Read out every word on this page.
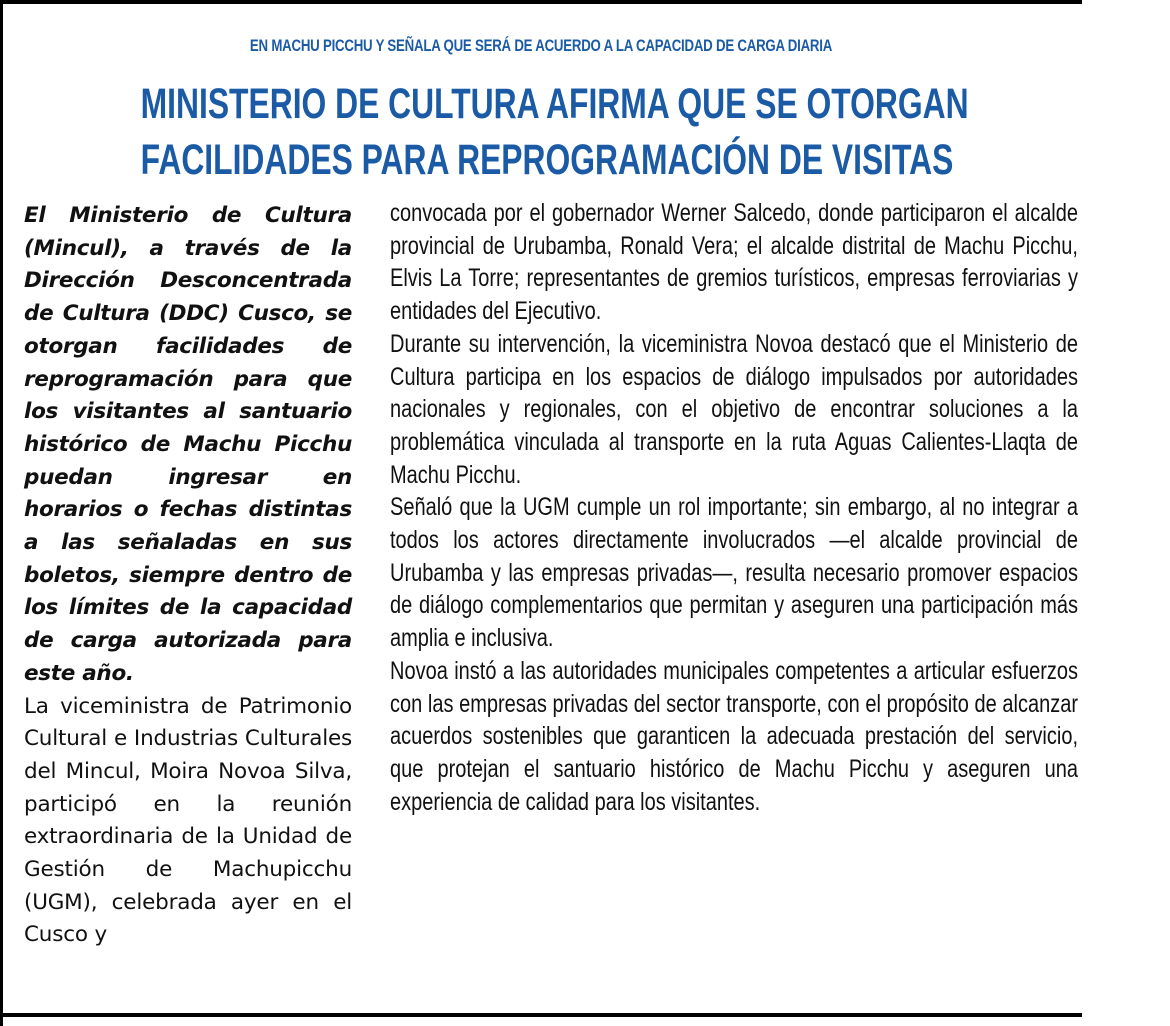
EN MACHU PICCHU Y SEÑALA QUE SERÁ DE ACUERDO A LA CAPACIDAD DE CARGA DIARIA
MINISTERIO DE CULTURA AFIRMA QUE SE OTORGAN
FACILIDADES PARA REPROGRAMACIÓN DE VISITAS

El Ministerio de Cultura (Mincul), a través de la Dirección Desconcentrada de Cultura (DDC) Cusco, se otorgan facilidades de reprogramación para que los visitantes al santuario histórico de Machu Picchu puedan ingresar en horarios o fechas distintas a las señaladas en sus boletos, siempre dentro de los límites de la capacidad de carga autorizada para este año.

La viceministra de Patrimonio Cultural e Industrias Culturales del Mincul, Moira Novoa Silva, participó en la reunión extraordinaria de la Unidad de Gestión de Machupicchu (UGM), celebrada ayer en el Cusco y

convocada por el gobernador Werner Salcedo, donde participaron el alcalde provincial de Urubamba, Ronald Vera; el alcalde distrital de Machu Picchu, Elvis La Torre; representantes de gremios turísticos, empresas ferroviarias y entidades del Ejecutivo.

Durante su intervención, la viceministra Novoa destacó que el Ministerio de Cultura participa en los espacios de diálogo impulsados por autoridades nacionales y regionales, con el objetivo de encontrar soluciones a la problemática vinculada al transporte en la ruta Aguas Calientes-Llaqta de Machu Picchu.

Señaló que la UGM cumple un rol importante; sin embargo, al no integrar a todos los actores directamente involucrados —el alcalde provincial de Urubamba y las empresas privadas—, resulta necesario promover espacios de diálogo complementarios que permitan y aseguren una participación más amplia e inclusiva.

Novoa instó a las autoridades municipales competentes a articular esfuerzos con las empresas privadas del sector transporte, con el propósito de alcanzar acuerdos sostenibles que garanticen la adecuada prestación del servicio, que protejan el santuario histórico de Machu Picchu y aseguren una experiencia de calidad para los visitantes.
